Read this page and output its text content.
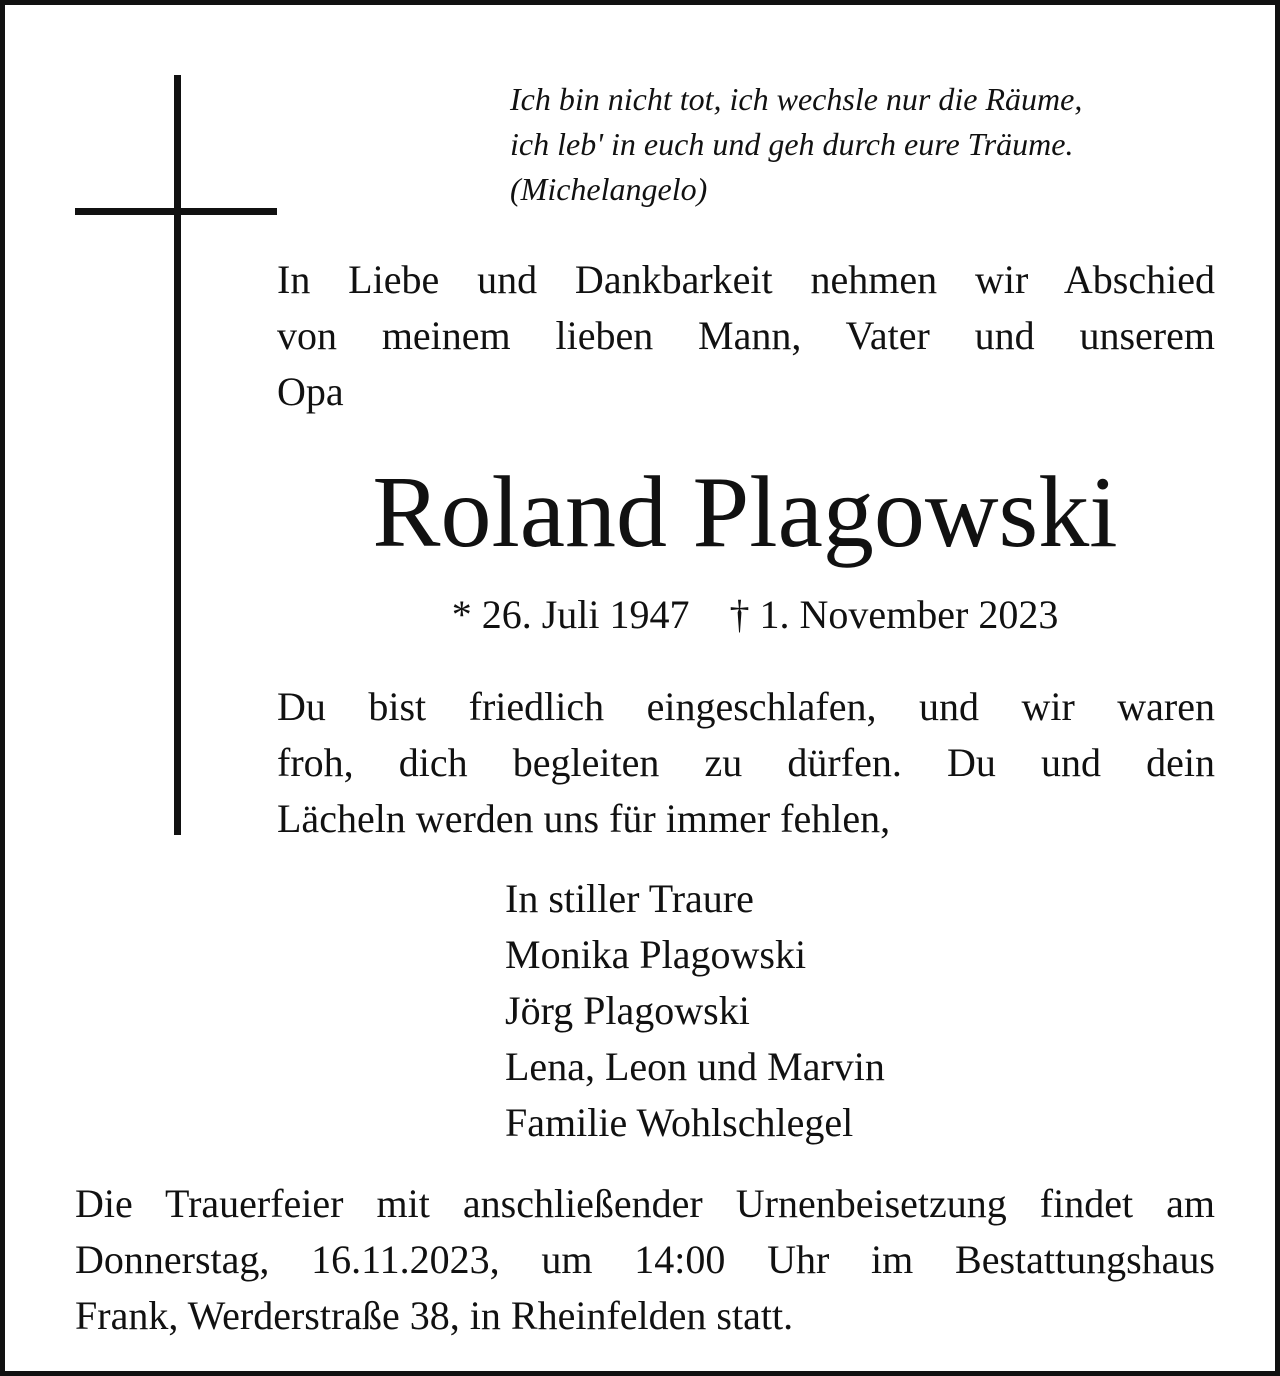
Ich bin nicht tot, ich wechsle nur die Räume,
ich leb' in euch und geh durch eure Träume.
(Michelangelo)
In Liebe und Dankbarkeit nehmen wir Abschied
von meinem lieben Mann, Vater und unserem
Opa
Roland Plagowski
* 26. Juli 1947 † 1. November 2023
Du bist friedlich eingeschlafen, und wir waren
froh, dich begleiten zu dürfen. Du und dein
Lächeln werden uns für immer fehlen,
In stiller Traure
Monika Plagowski
Jörg Plagowski
Lena, Leon und Marvin
Familie Wohlschlegel
Die Trauerfeier mit anschließender Urnenbeisetzung findet am
Donnerstag, 16.11.2023, um 14:00 Uhr im Bestattungshaus
Frank, Werderstraße 38, in Rheinfelden statt.
